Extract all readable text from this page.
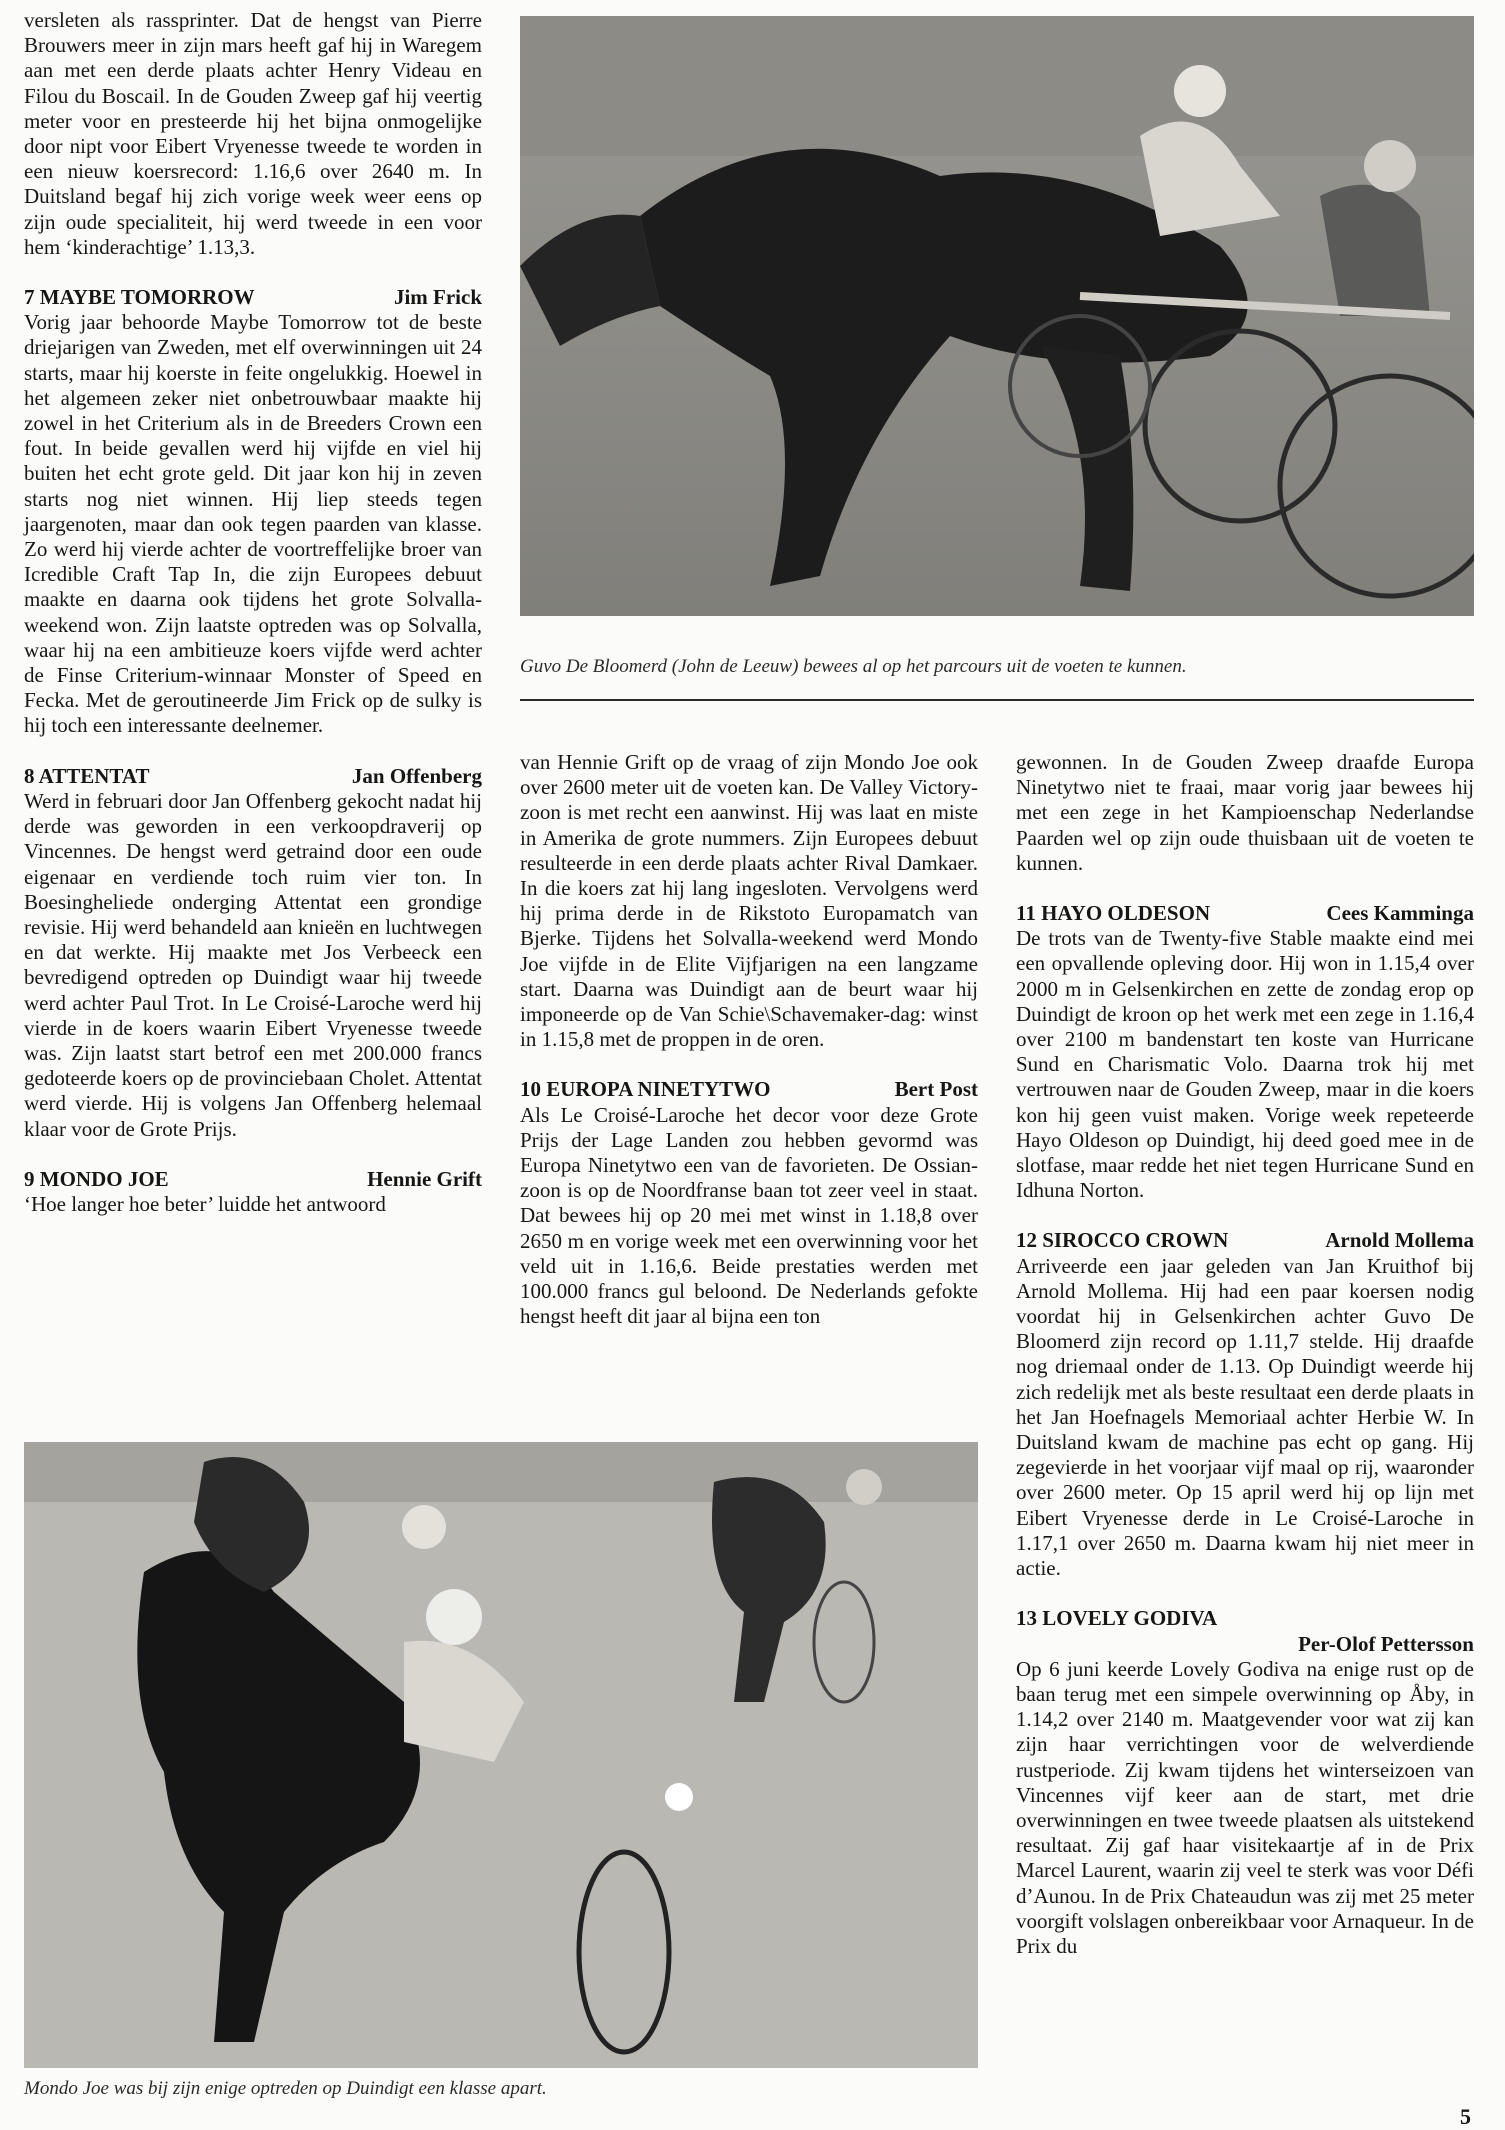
versleten als rassprinter. Dat de hengst van Pierre Brouwers meer in zijn mars heeft gaf hij in Waregem aan met een derde plaats achter Henry Videau en Filou du Boscail. In de Gouden Zweep gaf hij veertig meter voor en presteerde hij het bijna onmogelijke door nipt voor Eibert Vryenesse tweede te worden in een nieuw koersrecord: 1.16,6 over 2640 m. In Duitsland begaf hij zich vorige week weer eens op zijn oude specialiteit, hij werd tweede in een voor hem ‘kinderachtige’ 1.13,3.

7 MAYBE TOMORROW	Jim Frick

Vorig jaar behoorde Maybe Tomorrow tot de beste driejarigen van Zweden, met elf overwinningen uit 24 starts, maar hij koerste in feite ongelukkig. Hoewel in het algemeen zeker niet onbetrouwbaar maakte hij zowel in het Criterium als in de Breeders Crown een fout. In beide gevallen werd hij vijfde en viel hij buiten het echt grote geld. Dit jaar kon hij in zeven starts nog niet winnen. Hij liep steeds tegen jaargenoten, maar dan ook tegen paarden van klasse. Zo werd hij vierde achter de voortreffelijke broer van Icredible Craft Tap In, die zijn Europees debuut maakte en daarna ook tijdens het grote Solvalla-weekend won. Zijn laatste optreden was op Solvalla, waar hij na een ambitieuze koers vijfde werd achter de Finse Criterium-winnaar Monster of Speed en Fecka. Met de geroutineerde Jim Frick op de sulky is hij toch een interessante deelnemer.

8 ATTENTAT	Jan Offenberg

Werd in februari door Jan Offenberg gekocht nadat hij derde was geworden in een verkoopdraverij op Vincennes. De hengst werd getraind door een oude eigenaar en verdiende toch ruim vier ton. In Boesingheliede onderging Attentat een grondige revisie. Hij werd behandeld aan knieën en luchtwegen en dat werkte. Hij maakte met Jos Verbeeck een bevredigend optreden op Duindigt waar hij tweede werd achter Paul Trot. In Le Croisé-Laroche werd hij vierde in de koers waarin Eibert Vryenesse tweede was. Zijn laatst start betrof een met 200.000 francs gedoteerde koers op de provinciebaan Cholet. Attentat werd vierde. Hij is volgens Jan Offenberg helemaal klaar voor de Grote Prijs.

9 MONDO JOE	Hennie Grift

‘Hoe langer hoe beter’ luidde het antwoord

Guvo De Bloomerd (John de Leeuw) bewees al op het parcours uit de voeten te kunnen.

van Hennie Grift op de vraag of zijn Mondo Joe ook over 2600 meter uit de voeten kan. De Valley Victory-zoon is met recht een aanwinst. Hij was laat en miste in Amerika de grote nummers. Zijn Europees debuut resulteerde in een derde plaats achter Rival Damkaer. In die koers zat hij lang ingesloten. Vervolgens werd hij prima derde in de Rikstoto Europamatch van Bjerke. Tijdens het Solvalla-weekend werd Mondo Joe vijfde in de Elite Vijfjarigen na een langzame start. Daarna was Duindigt aan de beurt waar hij imponeerde op de Van Schie\Schavemaker-dag: winst in 1.15,8 met de proppen in de oren.

10 EUROPA NINETYTWO	Bert Post

Als Le Croisé-Laroche het decor voor deze Grote Prijs der Lage Landen zou hebben gevormd was Europa Ninetytwo een van de favorieten. De Ossian-zoon is op de Noordfranse baan tot zeer veel in staat. Dat bewees hij op 20 mei met winst in 1.18,8 over 2650 m en vorige week met een overwinning voor het veld uit in 1.16,6. Beide prestaties werden met 100.000 francs gul beloond. De Nederlands gefokte hengst heeft dit jaar al bijna een ton

gewonnen. In de Gouden Zweep draafde Europa Ninetytwo niet te fraai, maar vorig jaar bewees hij met een zege in het Kampioenschap Nederlandse Paarden wel op zijn oude thuisbaan uit de voeten te kunnen.

11 HAYO OLDESON	Cees Kamminga

De trots van de Twenty-five Stable maakte eind mei een opvallende opleving door. Hij won in 1.15,4 over 2000 m in Gelsenkirchen en zette de zondag erop op Duindigt de kroon op het werk met een zege in 1.16,4 over 2100 m bandenstart ten koste van Hurricane Sund en Charismatic Volo. Daarna trok hij met vertrouwen naar de Gouden Zweep, maar in die koers kon hij geen vuist maken. Vorige week repeteerde Hayo Oldeson op Duindigt, hij deed goed mee in de slotfase, maar redde het niet tegen Hurricane Sund en Idhuna Norton.

12 SIROCCO CROWN	Arnold Mollema

Arriveerde een jaar geleden van Jan Kruithof bij Arnold Mollema. Hij had een paar koersen nodig voordat hij in Gelsenkirchen achter Guvo De Bloomerd zijn record op 1.11,7 stelde. Hij draafde nog driemaal onder de 1.13. Op Duindigt weerde hij zich redelijk met als beste resultaat een derde plaats in het Jan Hoefnagels Memoriaal achter Herbie W. In Duitsland kwam de machine pas echt op gang. Hij zegevierde in het voorjaar vijf maal op rij, waaronder over 2600 meter. Op 15 april werd hij op lijn met Eibert Vryenesse derde in Le Croisé-Laroche in 1.17,1 over 2650 m. Daarna kwam hij niet meer in actie.

13 LOVELY GODIVA
Per-Olof Pettersson

Op 6 juni keerde Lovely Godiva na enige rust op de baan terug met een simpele overwinning op Åby, in 1.14,2 over 2140 m. Maatgevender voor wat zij kan zijn haar verrichtingen voor de welverdiende rustperiode. Zij kwam tijdens het winterseizoen van Vincennes vijf keer aan de start, met drie overwinningen en twee tweede plaatsen als uitstekend resultaat. Zij gaf haar visitekaartje af in de Prix Marcel Laurent, waarin zij veel te sterk was voor Défi d’Aunou. In de Prix Chateaudun was zij met 25 meter voorgift volslagen onbereikbaar voor Arnaqueur. In de Prix du

Mondo Joe was bij zijn enige optreden op Duindigt een klasse apart.
5
